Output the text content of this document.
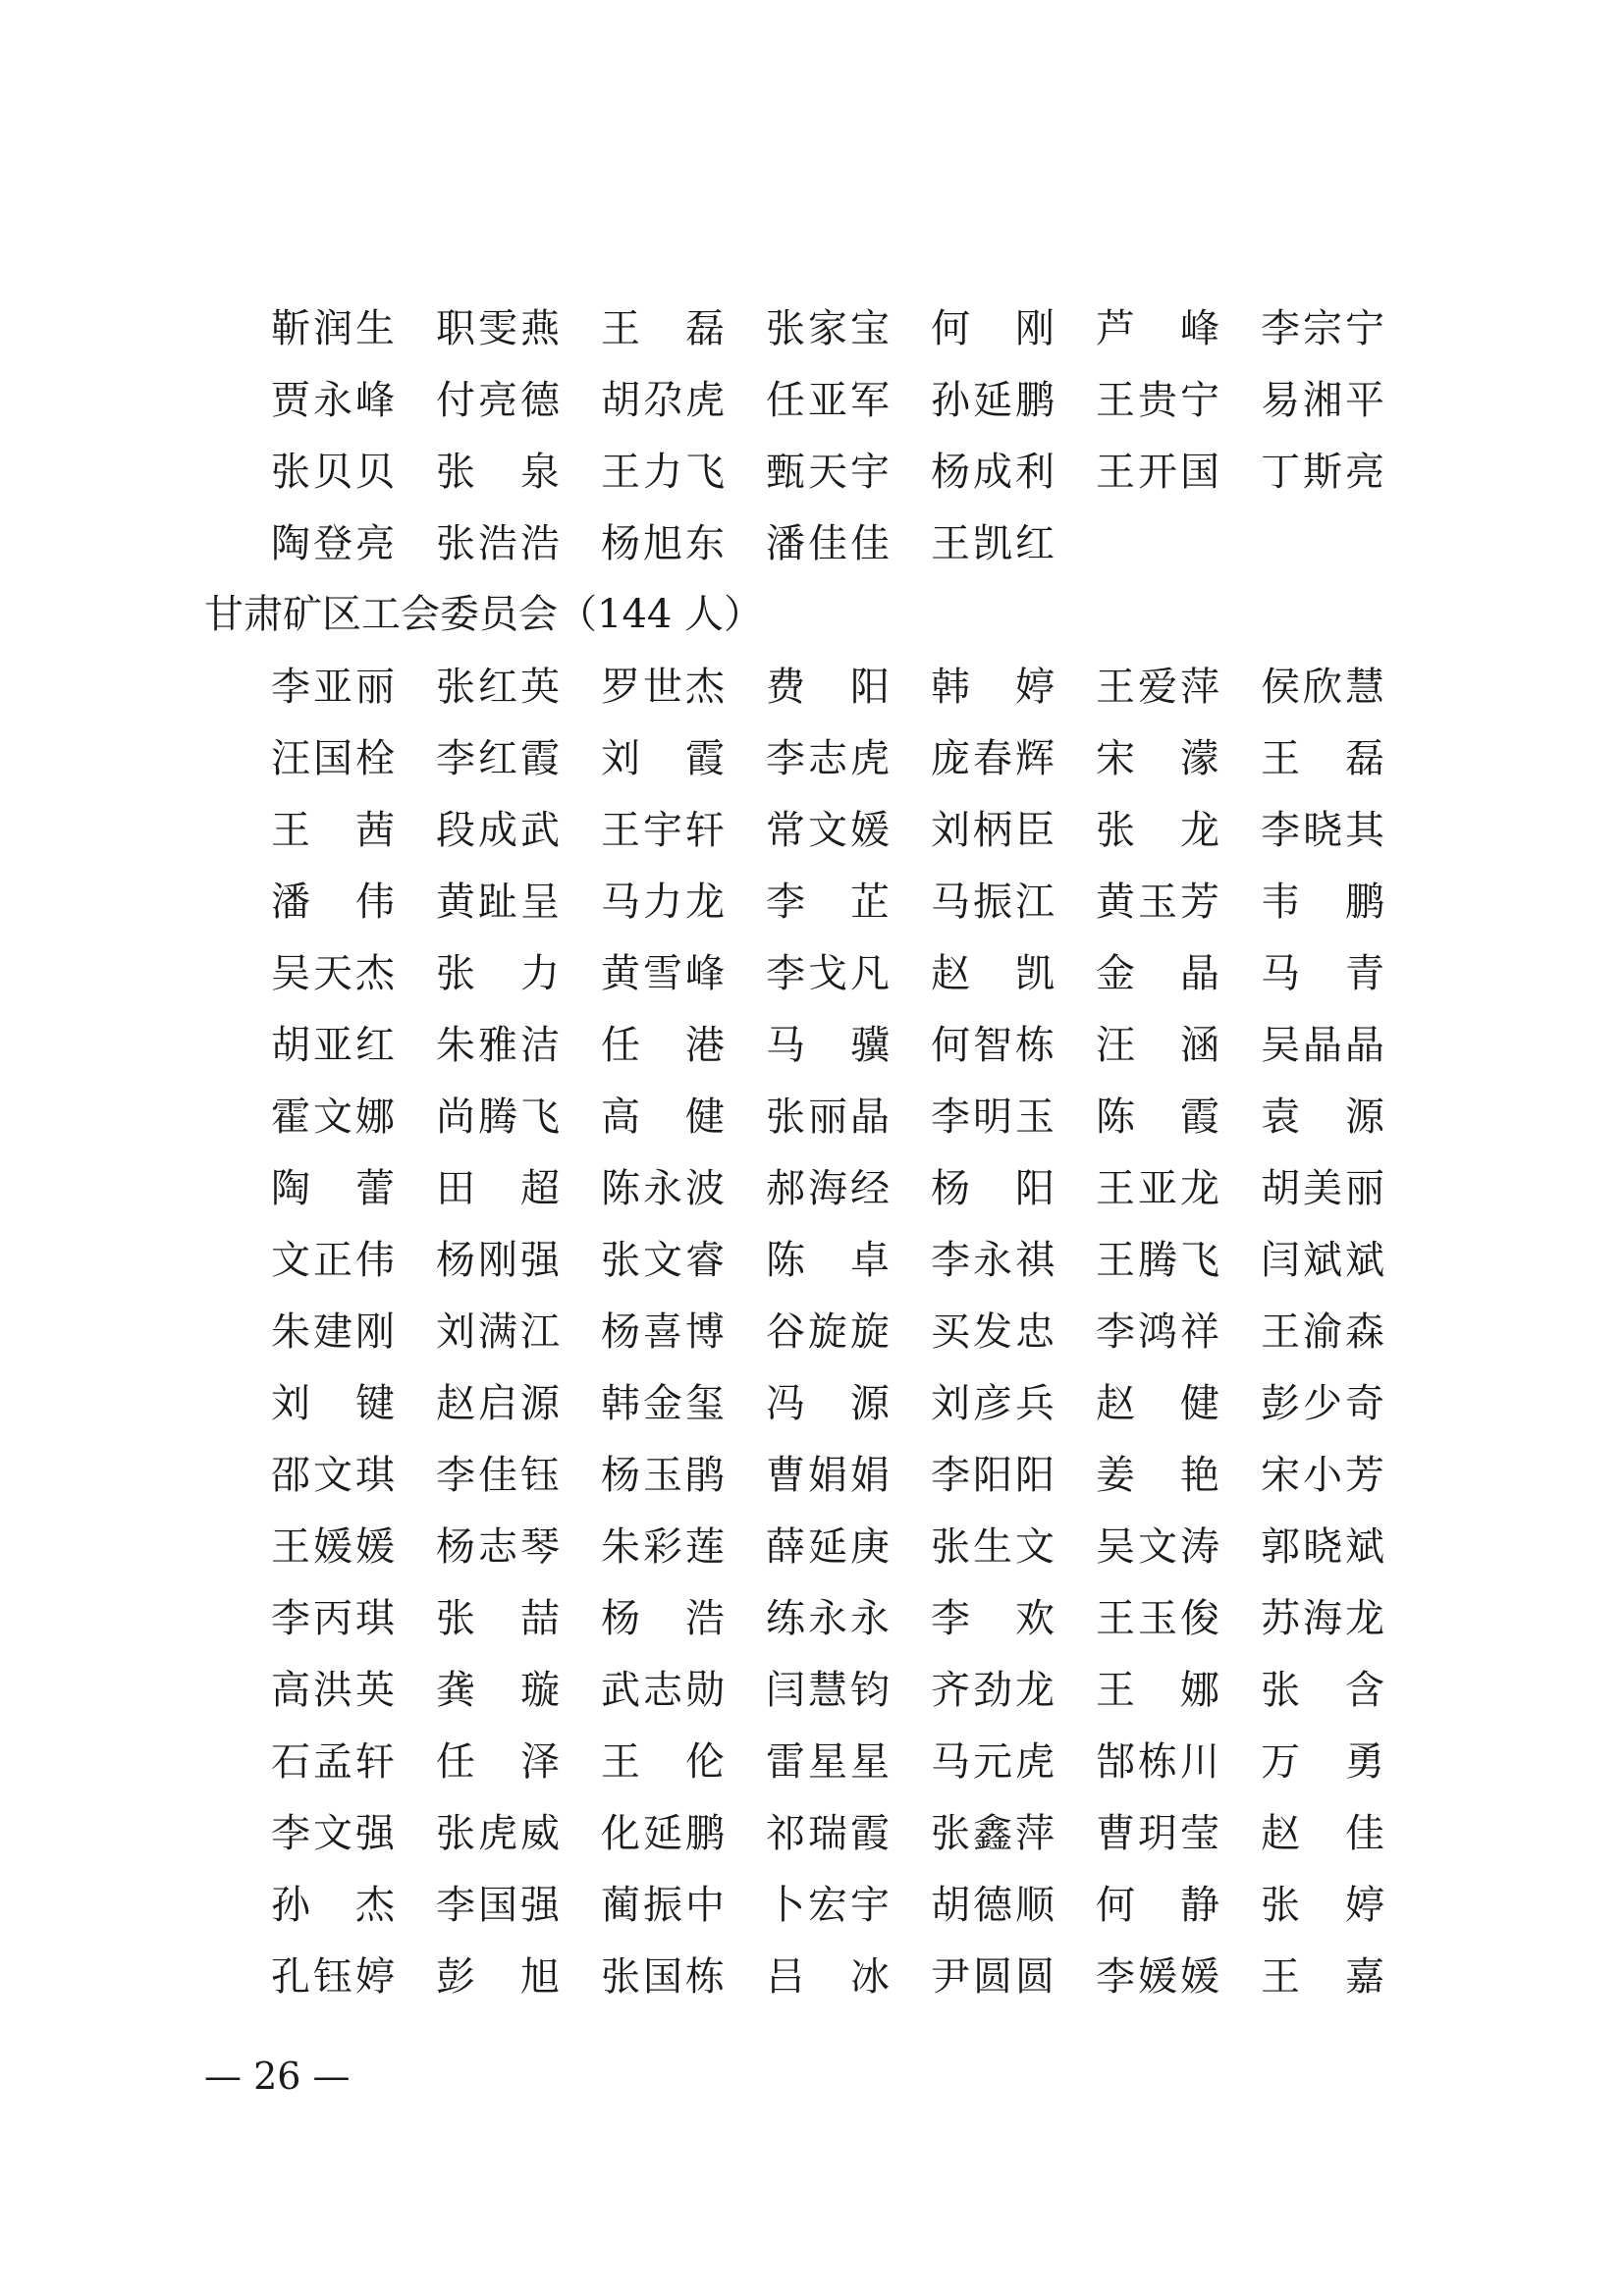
靳 润 生 职 雯 燕 王 磊 张 家 宝 何 刚 芦 峰 李 宗 宁
贾 永 峰 付 亮 德 胡 尕 虎 任 亚 军 孙 延 鹏 王 贵 宁 易 湘 平
张 贝 贝 张 泉 王 力 飞 甄 天 宇 杨 成 利 王 开 国 丁 斯 亮
陶 登 亮 张 浩 浩 杨 旭 东 潘 佳 佳 王 凯 红
甘肃矿区工会委员会（144 人）
李 亚 丽 张 红 英 罗 世 杰 费 阳 韩 婷 王 爱 萍 侯 欣 慧
汪 国 栓 李 红 霞 刘 霞 李 志 虎 庞 春 辉 宋 濛 王 磊
王 茜 段 成 武 王 宇 轩 常 文 媛 刘 柄 臣 张 龙 李 晓 其
潘 伟 黄 趾 呈 马 力 龙 李 芷 马 振 江 黄 玉 芳 韦 鹏
吴 天 杰 张 力 黄 雪 峰 李 戈 凡 赵 凯 金 晶 马 青
胡 亚 红 朱 雅 洁 任 港 马 骥 何 智 栋 汪 涵 吴 晶 晶
霍 文 娜 尚 腾 飞 高 健 张 丽 晶 李 明 玉 陈 霞 袁 源
陶 蕾 田 超 陈 永 波 郝 海 经 杨 阳 王 亚 龙 胡 美 丽
文 正 伟 杨 刚 强 张 文 睿 陈 卓 李 永 祺 王 腾 飞 闫 斌 斌
朱 建 刚 刘 满 江 杨 喜 博 谷 旋 旋 买 发 忠 李 鸿 祥 王 渝 森
刘 键 赵 启 源 韩 金 玺 冯 源 刘 彦 兵 赵 健 彭 少 奇
邵 文 琪 李 佳 钰 杨 玉 鹃 曹 娟 娟 李 阳 阳 姜 艳 宋 小 芳
王 媛 媛 杨 志 琴 朱 彩 莲 薛 延 庚 张 生 文 吴 文 涛 郭 晓 斌
李 丙 琪 张 喆 杨 浩 练 永 永 李 欢 王 玉 俊 苏 海 龙
高 洪 英 龚 璇 武 志 勋 闫 慧 钧 齐 劲 龙 王 娜 张 含
石 孟 轩 任 泽 王 伦 雷 星 星 马 元 虎 郜 栋 川 万 勇
李 文 强 张 虎 威 化 延 鹏 祁 瑞 霞 张 鑫 萍 曹 玥 莹 赵 佳
孙 杰 李 国 强 蔺 振 中 卜 宏 宇 胡 德 顺 何 静 张 婷
孔 钰 婷 彭 旭 张 国 栋 吕 冰 尹 圆 圆 李 媛 媛 王 嘉
— 26 —
